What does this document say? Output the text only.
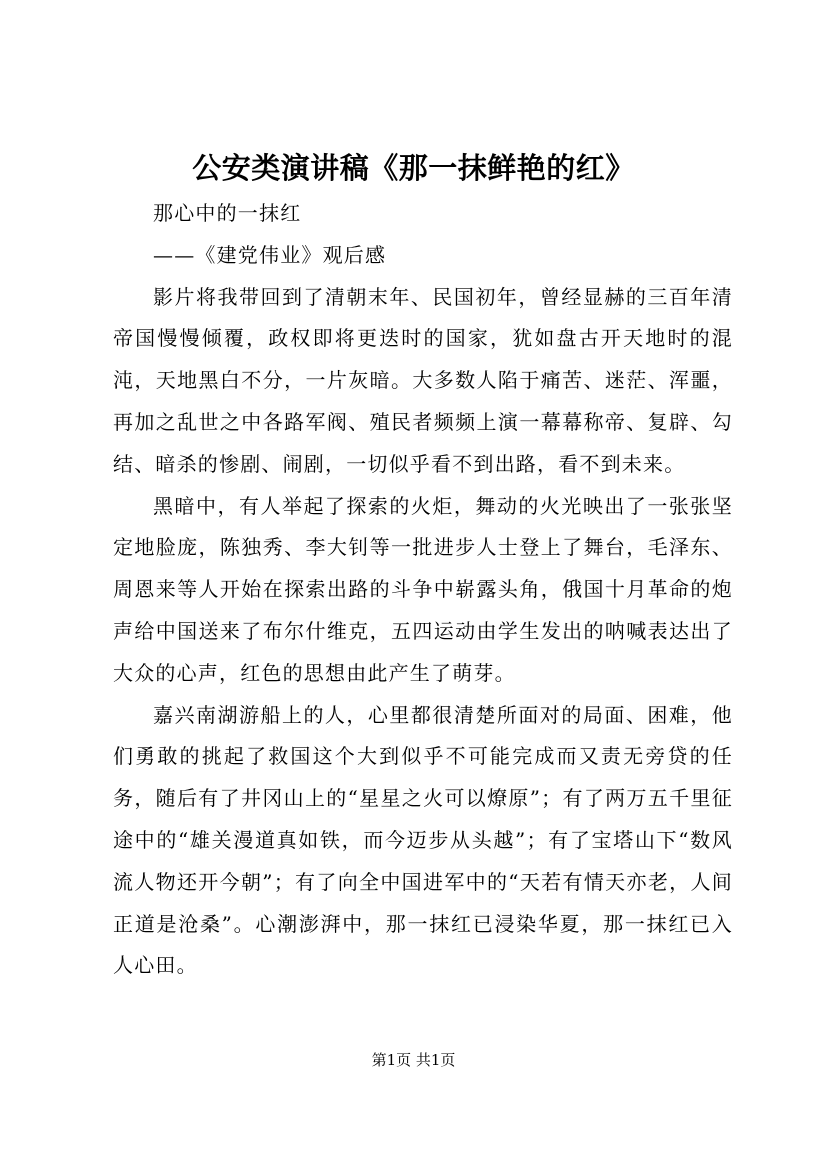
公安类演讲稿《那一抹鲜艳的红》

那心中的一抹红

——《建党伟业》观后感

影片将我带回到了清朝末年、民国初年，曾经显赫的三百年清帝国慢慢倾覆，政权即将更迭时的国家，犹如盘古开天地时的混沌，天地黑白不分，一片灰暗。大多数人陷于痛苦、迷茫、浑噩，再加之乱世之中各路军阀、殖民者频频上演一幕幕称帝、复辟、勾结、暗杀的惨剧、闹剧，一切似乎看不到出路，看不到未来。

黑暗中，有人举起了探索的火炬，舞动的火光映出了一张张坚定地脸庞，陈独秀、李大钊等一批进步人士登上了舞台，毛泽东、周恩来等人开始在探索出路的斗争中崭露头角，俄国十月革命的炮声给中国送来了布尔什维克，五四运动由学生发出的呐喊表达出了大众的心声，红色的思想由此产生了萌芽。

嘉兴南湖游船上的人，心里都很清楚所面对的局面、困难，他们勇敢的挑起了救国这个大到似乎不可能完成而又责无旁贷的任务，随后有了井冈山上的“星星之火可以燎原”；有了两万五千里征途中的“雄关漫道真如铁，而今迈步从头越”；有了宝塔山下“数风流人物还开今朝”；有了向全中国进军中的“天若有情天亦老，人间正道是沧桑”。心潮澎湃中，那一抹红已浸染华夏，那一抹红已入人心田。

第1页 共1页
